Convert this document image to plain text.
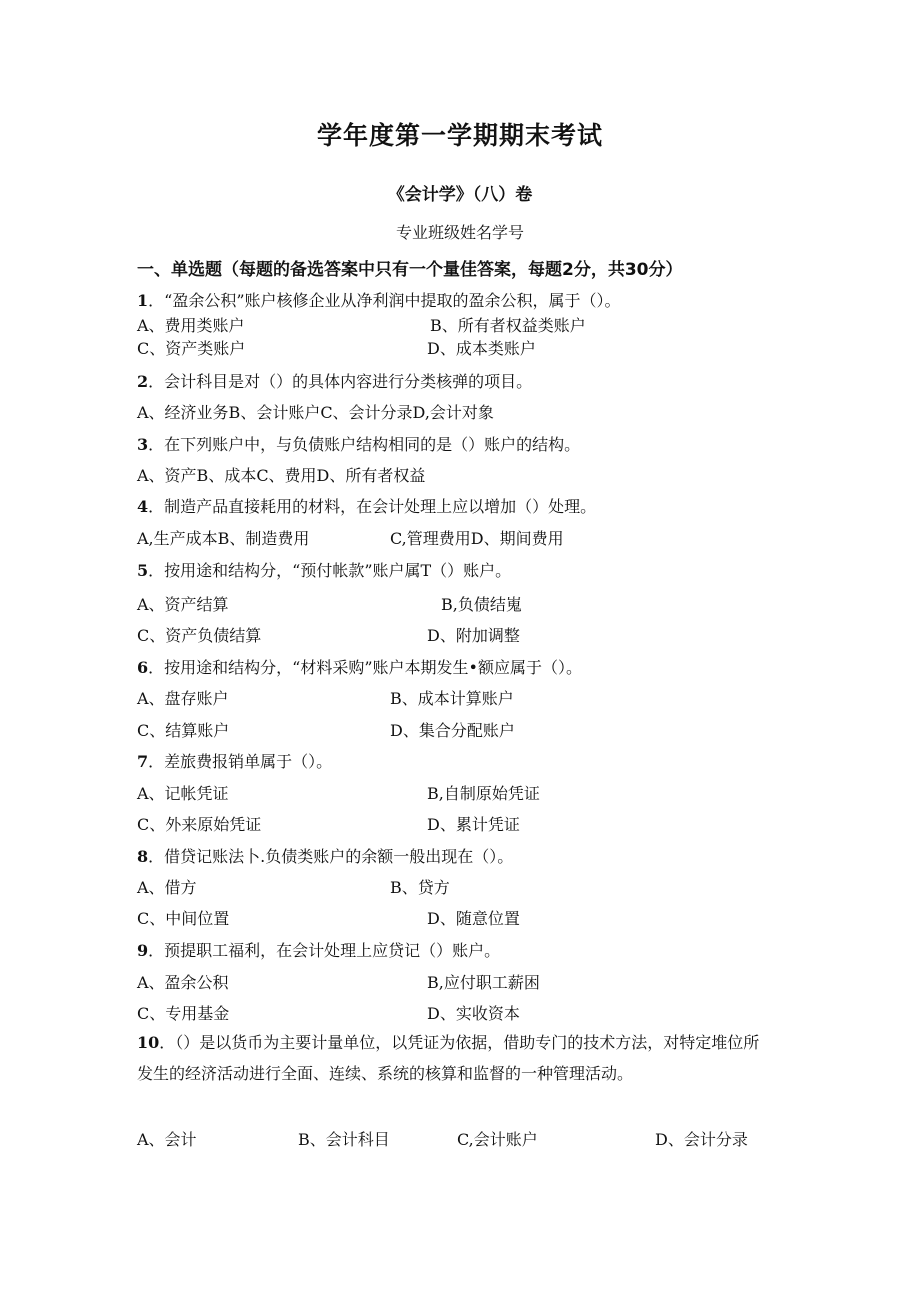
学年度第一学期期末考试
《会计学》（八）卷
专业班级姓名学号
一、单选题（每题的备选答案中只有一个量佳答案，每题2分，共30分）
1．“盈余公积”账户核修企业从净利润中提取的盈余公积，属于（）。
A、费用类账户	B、所有者权益类账户
C、资产类账户	D、成本类账户
2．会计科目是对（）的具体内容进行分类核弹的项目。
A、经济业务B、会计账户C、会计分录D,会计对象
3．在下列账户中，与负债账户结构相同的是（）账户的结构。
A、资产B、成本C、费用D、所有者权益
4．制造产品直接耗用的材料，在会计处理上应以增加（）处理。
A,生产成本B、制造费用	C,管理费用D、期间费用
5．按用途和结构分，“预付帐款”账户属T（）账户。
A、资产结算	B,负债结嵬
C、资产负债结算	D、附加调整
6．按用途和结构分，“材料采购”账户本期发生•额应属于（）。
A、盘存账户	B、成本计算账户
C、结算账户	D、集合分配账户
7．差旅费报销单属于（）。
A、记帐凭证	B,自制原始凭证
C、外来原始凭证	D、累计凭证
8．借贷记账法卜.负债类账户的余额一般出现在（）。
A、借方	B、贷方
C、中间位置	D、随意位置
9．预提职工福利，在会计处理上应贷记（）账户。
A、盈余公积	B,应付职工薪困
C、专用基金	D、实收资本
10．（）是以货币为主要计量单位，以凭证为依据，借助专门的技术方法，对特定堆位所发生的经济活动进行全面、连续、系统的核算和监督的一种管理活动。
A、会计	B、会计科目	C,会计账户	D、会计分录
